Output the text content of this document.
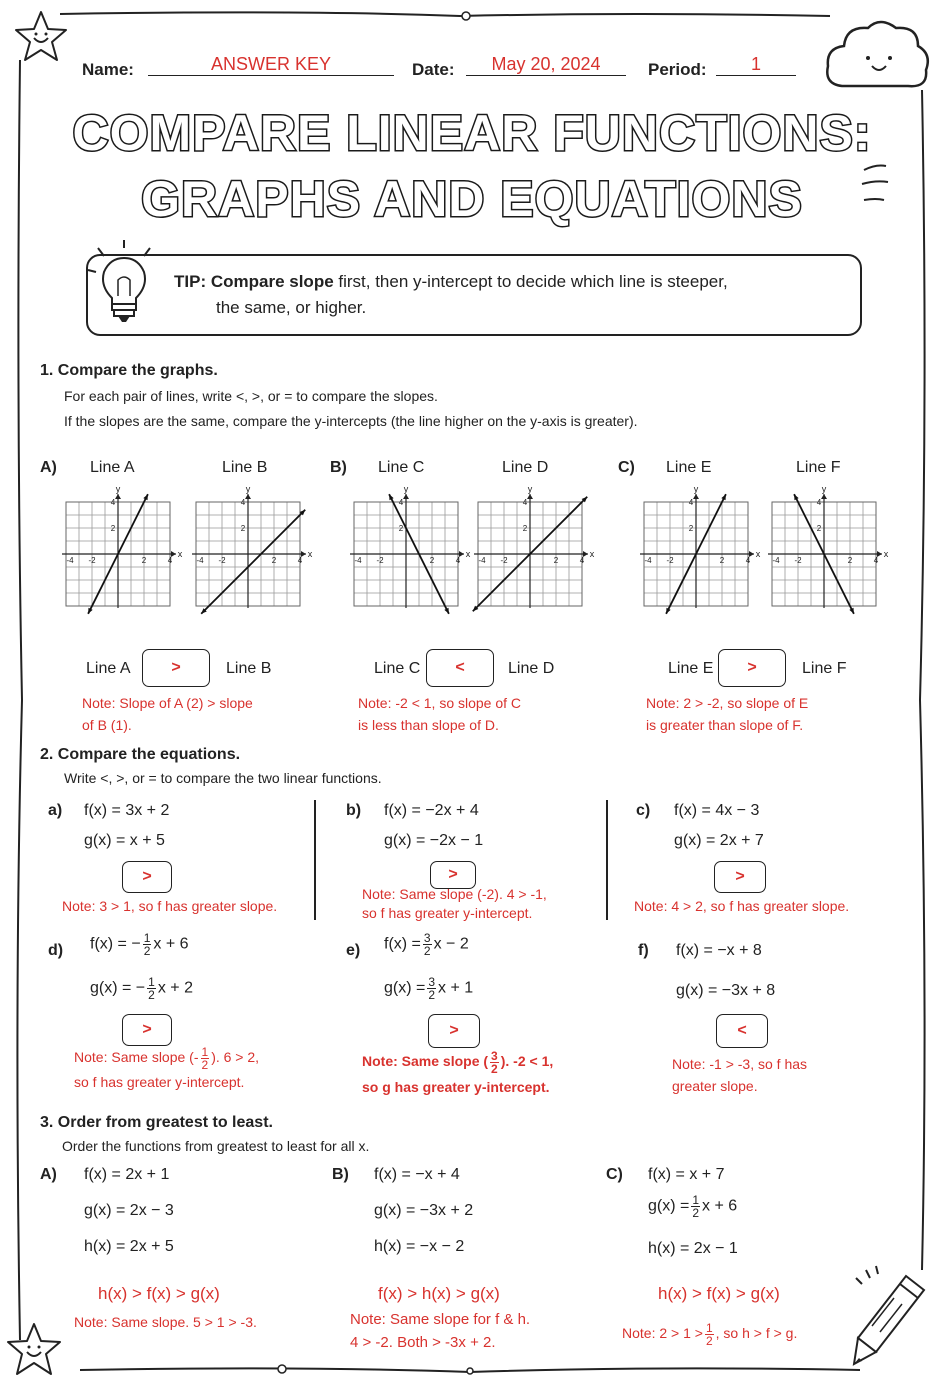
Name:	ANSWER KEY	Date:	May 20, 2024	Period:	1
COMPARE LINEAR FUNCTIONS:
GRAPHS AND EQUATIONS
TIP: Compare slope first, then y-intercept to decide which line is steeper,
the same, or higher.
1. Compare the graphs.
For each pair of lines, write <, >, or = to compare the slopes.
If the slopes are the same, compare the y-intercepts (the line higher on the y-axis is greater).
A) Line A	Line B	B) Line C	Line D	C) Line E	Line F
y
x
4
2
-2
-4	2	4
y
x
4
2
-2
-4	2	4
y
x
4
2
-2
-4	2	4
y
x
4
2
-2
-4	2	4
y
x
4
2
-2
-4	2	4
y
x
4
2
-2
-4	2	4
Line A	>	Line B
Note: Slope of A (2) > slope
of B (1).
Line C	<	Line D
Note: -2 < 1, so slope of C
is less than slope of D.
Line E	>	Line F
Note: 2 > -2, so slope of E
is greater than slope of F.
2. Compare the equations.
Write <, >, or = to compare the two linear functions.
a) f(x) = 3x + 2
g(x) = x + 5
>
Note: 3 > 1, so f has greater slope.
b) f(x) = −2x + 4
g(x) = −2x − 1
>
Note: Same slope (-2). 4 > -1,
so f has greater y-intercept.
c) f(x) = 4x − 3
g(x) = 2x + 7
>
Note: 4 > 2, so f has greater slope.
d) f(x) = − $\frac{1}{2}$ x + 6
g(x) = − $\frac{1}{2}$ x + 2
>
Note: Same slope (- $\frac{1}{2}$ ). 6 > 2,
so f has greater y-intercept.
e) $f(x) = \frac{3}{2}$ x − 2
$g(x) = \frac{3}{2}$ x + 1
>
Note: Same slope ( $\frac{3}{2}$ ). -2 < 1,
so g has greater y-intercept.
f) f(x) = −x + 8
g(x) = −3x + 8
<
Note: -1 > -3, so f has
greater slope.
3. Order from greatest to least.
Order the functions from greatest to least for all x.
A) f(x) = 2x + 1
g(x) = 2x − 3
h(x) = 2x + 5
h(x) > f(x) > g(x)
Note: Same slope. 5 > 1 > -3.
B) f(x) = −x + 4
g(x) = −3x + 2
h(x) = −x − 2
f(x) > h(x) > g(x)
Note: Same slope for f & h.
4 > -2. Both > -3x + 2.
C) f(x) = x + 7
$g(x) = \frac{1}{2}$ x + 6
h(x) = 2x − 1
h(x) > f(x) > g(x)
Note: $2 > 1 > \frac{1}{2}$ , so h > f > g.
